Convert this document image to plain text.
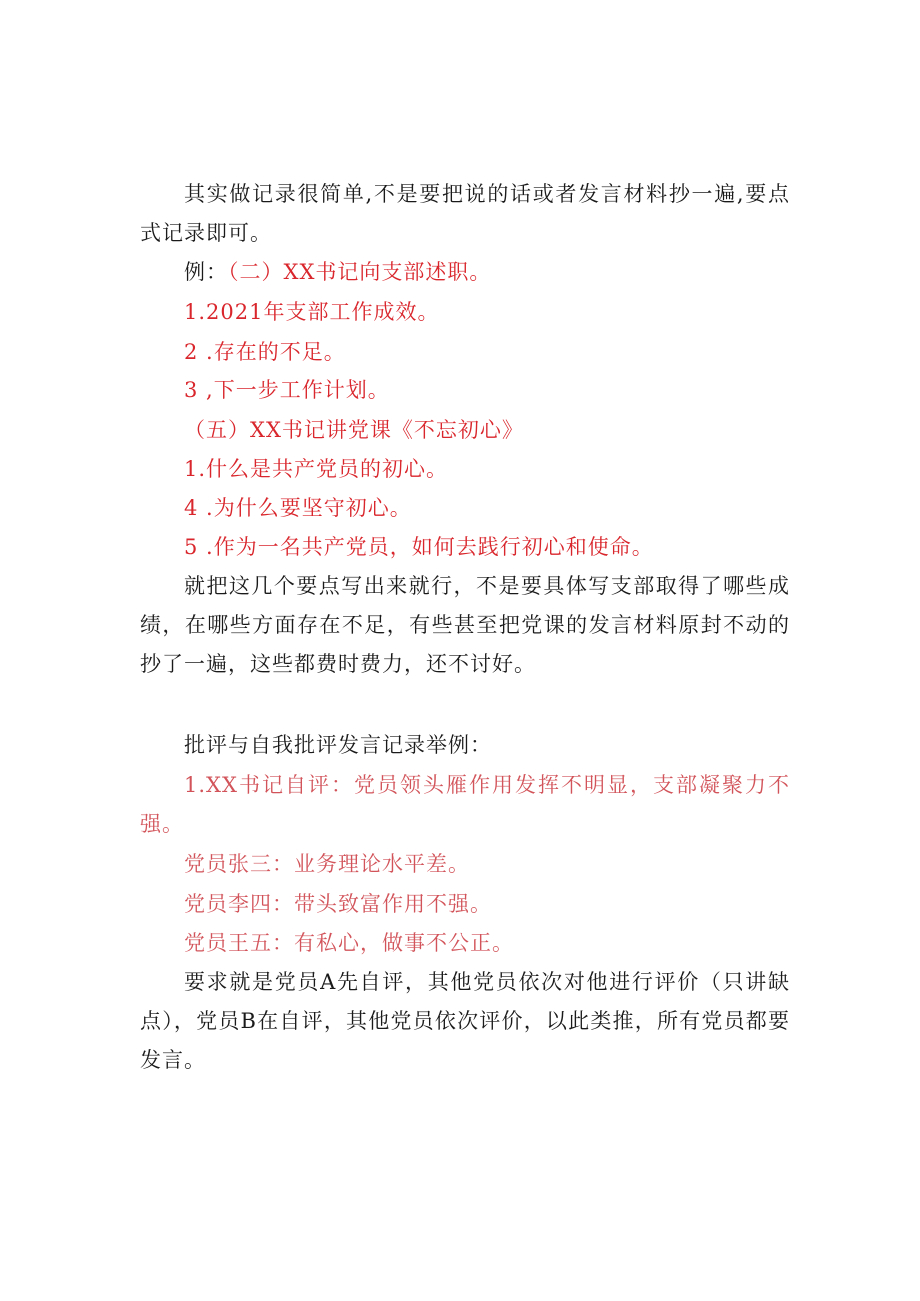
其实做记录很简单,不是要把说的话或者发言材料抄一遍,要点式记录即可。
例：（二）XX书记向支部述职。
1.2021年支部工作成效。
2 .存在的不足。
3 ,下一步工作计划。
（五）XX书记讲党课《不忘初心》
1.什么是共产党员的初心。
4 .为什么要坚守初心。
5 .作为一名共产党员，如何去践行初心和使命。
就把这几个要点写出来就行，不是要具体写支部取得了哪些成绩，在哪些方面存在不足，有些甚至把党课的发言材料原封不动的抄了一遍，这些都费时费力，还不讨好。
批评与自我批评发言记录举例：
1.XX书记自评：党员领头雁作用发挥不明显，支部凝聚力不强。
党员张三：业务理论水平差。
党员李四：带头致富作用不强。
党员王五：有私心，做事不公正。
要求就是党员A先自评，其他党员依次对他进行评价（只讲缺点），党员B在自评，其他党员依次评价，以此类推，所有党员都要发言。
